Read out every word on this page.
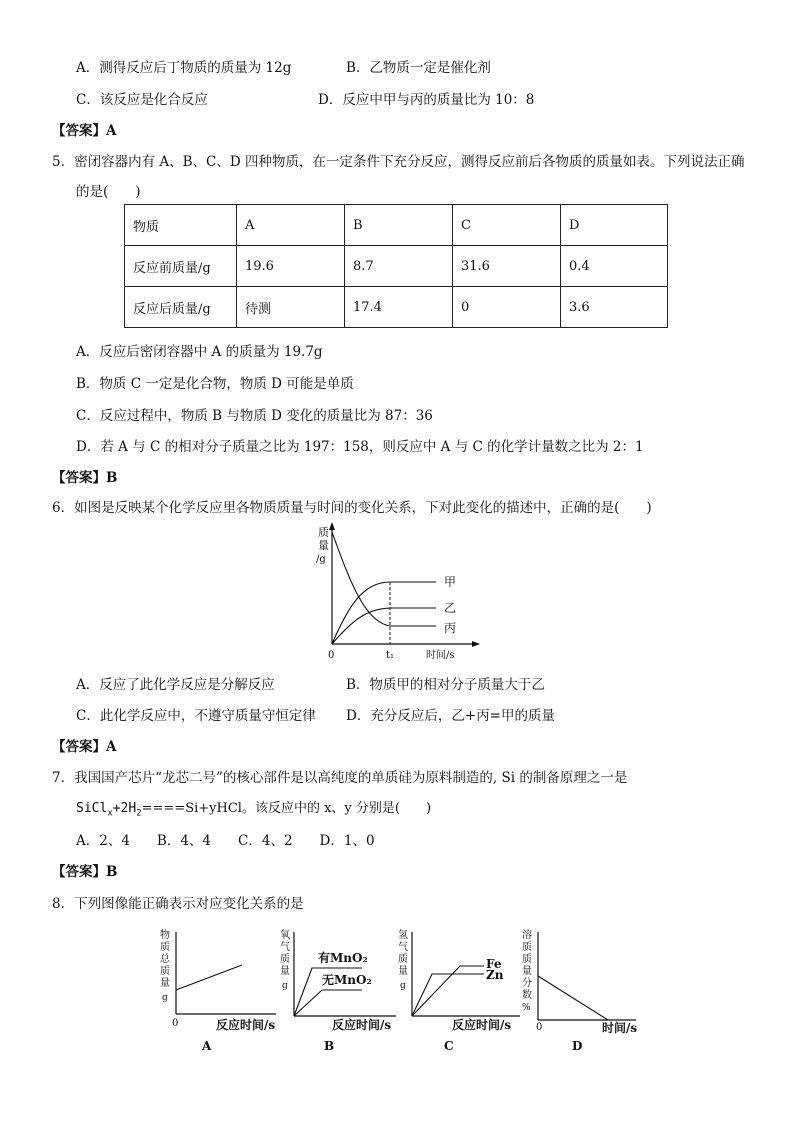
A．测得反应后丁物质的质量为 12g	B．乙物质一定是催化剂
C．该反应是化合反应	D．反应中甲与丙的质量比为 10：8
【答案】A
5．密闭容器内有 A、B、C、D 四种物质，在一定条件下充分反应，测得反应前后各物质的质量如表。下列说法正确
的是(　　)
物质	A	B	C	D
反应前质量/g	19.6	8.7	31.6	0.4
反应后质量/g	待测	17.4	0	3.6
A．反应后密闭容器中 A 的质量为 19.7g
B．物质 C 一定是化合物，物质 D 可能是单质
C．反应过程中，物质 B 与物质 D 变化的质量比为 87：36
D．若 A 与 C 的相对分子质量之比为 197：158，则反应中 A 与 C 的化学计量数之比为 2：1
【答案】B
6．如图是反映某个化学反应里各物质质量与时间的变化关系，下对此变化的描述中，正确的是(　　)
质
量
/g
甲
乙
丙
0	t₁	时间/s
A．反应了此化学反应是分解反应	B．物质甲的相对分子质量大于乙
C．此化学反应中，不遵守质量守恒定律 D．充分反应后，乙+丙=甲的质量
【答案】A
7．我国国产芯片“龙芯二号”的核心部件是以高纯度的单质硅为原料制造的, Si 的制备原理之一是
$SiCl_x+2H_2====Si+yHCl$。该反应中的 x、y 分别是(　　)
A．2、4　　B．4、4　　C．4、2　　D．1、0
【答案】B
8．下列图像能正确表示对应变化关系的是
物
质
总
质
量
g
0	反应时间/s
A
氧
气
质
量
g
有MnO₂
无MnO₂
反应时间/s
B
氢
气
质
量
g
Fe
Zn
反应时间/s
C
溶
质
质
量
分
数
%
0	时间/s
D
